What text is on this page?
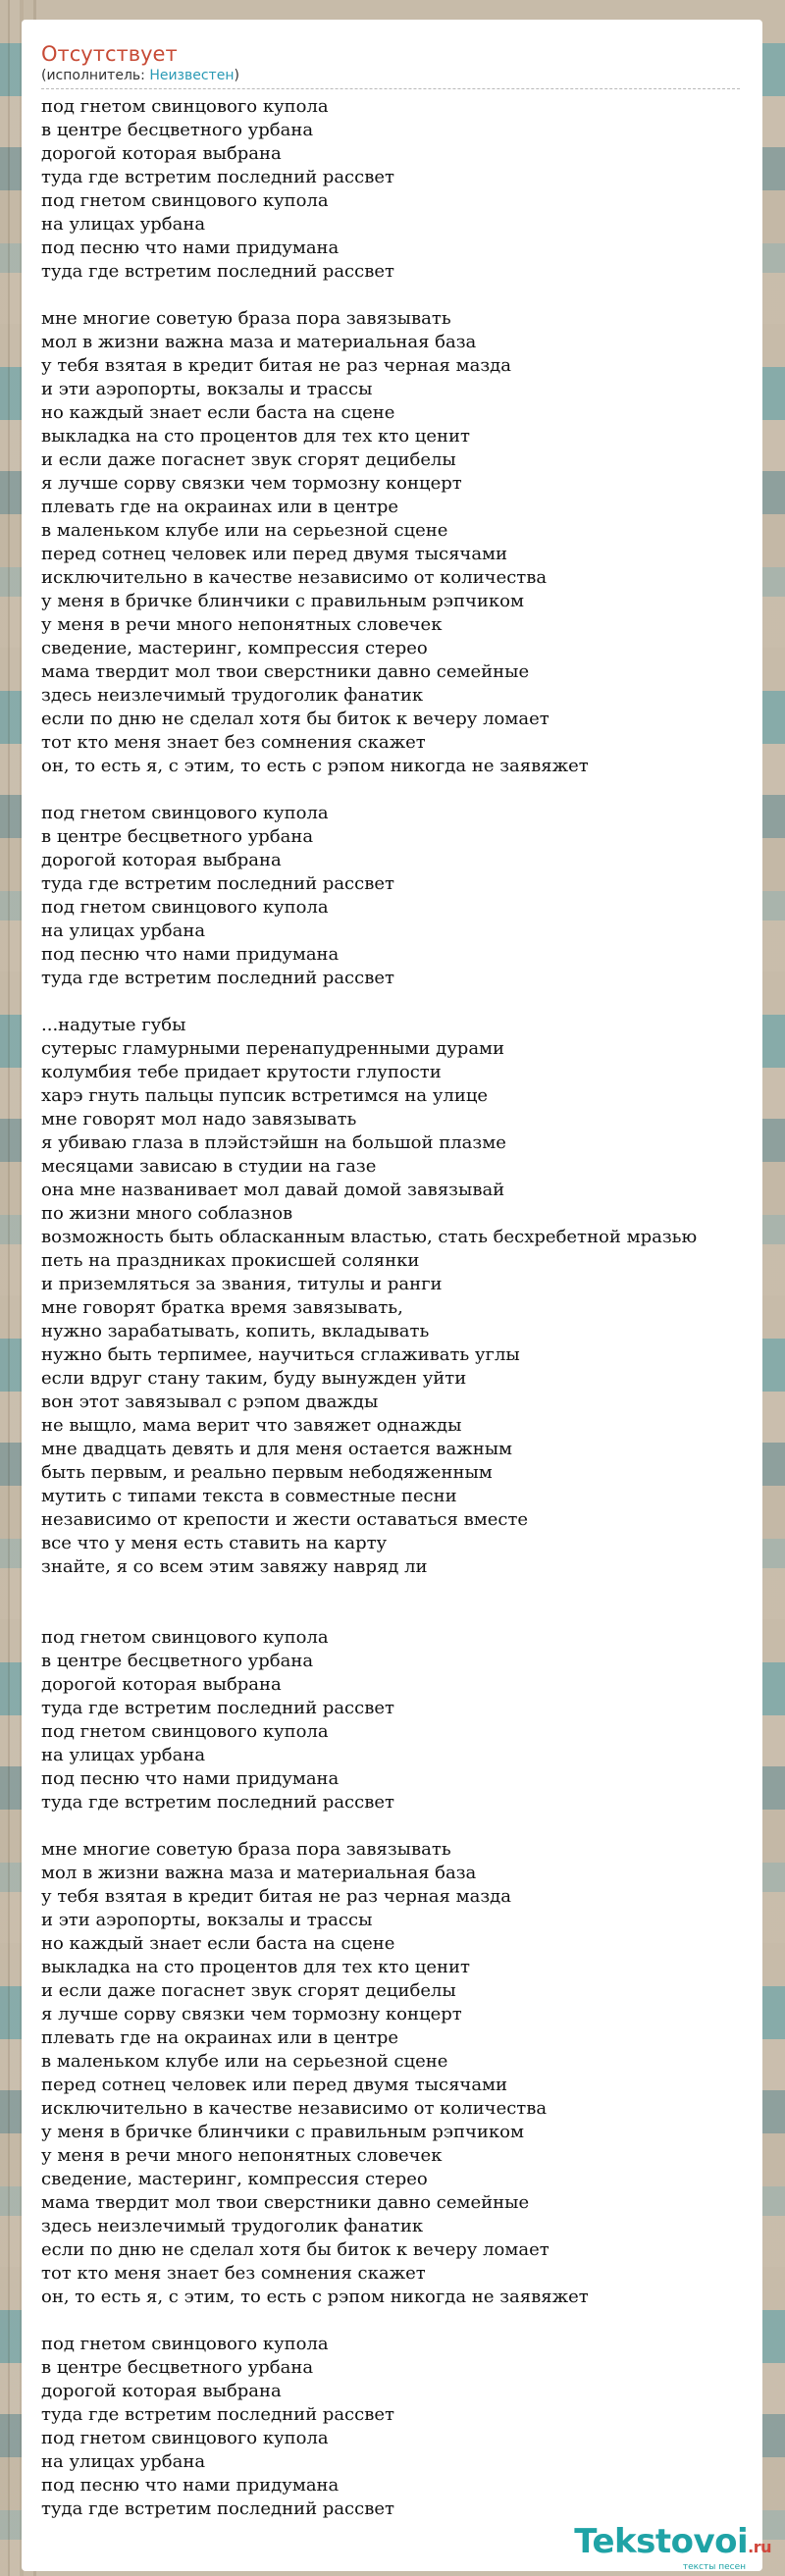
Отсутствует
(исполнитель: Неизвестен)
под гнетом свинцового купола
в центре бесцветного урбана
дорогой которая выбрана
туда где встретим последний рассвет
под гнетом свинцового купола
на улицах урбана
под песню что нами придумана
туда где встретим последний рассвет
мне многие советую браза пора завязывать
мол в жизни важна маза и материальная база
у тебя взятая в кредит битая не раз черная мазда
и эти аэропорты, вокзалы и трассы
но каждый знает если баста на сцене
выкладка на сто процентов для тех кто ценит
и если даже погаснет звук сгорят децибелы
я лучше сорву связки чем тормозну концерт
плевать где на окраинах или в центре
в маленьком клубе или на серьезной сцене
перед сотнец человек или перед двумя тысячами
исключительно в качестве независимо от количества
у меня в бричке блинчики с правильным рэпчиком
у меня в речи много непонятных словечек
сведение, мастеринг, компрессия стерео
мама твердит мол твои сверстники давно семейные
здесь неизлечимый трудоголик фанатик
если по дню не сделал хотя бы биток к вечеру ломает
тот кто меня знает без сомнения скажет
он, то есть я, с этим, то есть с рэпом никогда не заявяжет
под гнетом свинцового купола
в центре бесцветного урбана
дорогой которая выбрана
туда где встретим последний рассвет
под гнетом свинцового купола
на улицах урбана
под песню что нами придумана
туда где встретим последний рассвет
...надутые губы
сутерыс гламурными перенапудренными дурами
колумбия тебе придает крутости глупости
харэ гнуть пальцы пупсик встретимся на улице
мне говорят мол надо завязывать
я убиваю глаза в плэйстэйшн на большой плазме
месяцами зависаю в студии на газе
она мне названивает мол давай домой завязывай
по жизни много соблазнов
возможность быть обласканным властью, стать бесхребетной мразью
петь на праздниках прокисшей солянки
и приземляться за звания, титулы и ранги
мне говорят братка время завязывать,
нужно зарабатывать, копить, вкладывать
нужно быть терпимее, научиться сглаживать углы
если вдруг стану таким, буду вынужден уйти
вон этот завязывал с рэпом дважды
не выщло, мама верит что завяжет однажды
мне двадцать девять и для меня остается важным
быть первым, и реально первым небодяженным
мутить с типами текста в совместные песни
независимо от крепости и жести оставаться вместе
все что у меня есть ставить на карту
знайте, я со всем этим завяжу навряд ли
под гнетом свинцового купола
в центре бесцветного урбана
дорогой которая выбрана
туда где встретим последний рассвет
под гнетом свинцового купола
на улицах урбана
под песню что нами придумана
туда где встретим последний рассвет
мне многие советую браза пора завязывать
мол в жизни важна маза и материальная база
у тебя взятая в кредит битая не раз черная мазда
и эти аэропорты, вокзалы и трассы
но каждый знает если баста на сцене
выкладка на сто процентов для тех кто ценит
и если даже погаснет звук сгорят децибелы
я лучше сорву связки чем тормозну концерт
плевать где на окраинах или в центре
в маленьком клубе или на серьезной сцене
перед сотнец человек или перед двумя тысячами
исключительно в качестве независимо от количества
у меня в бричке блинчики с правильным рэпчиком
у меня в речи много непонятных словечек
сведение, мастеринг, компрессия стерео
мама твердит мол твои сверстники давно семейные
здесь неизлечимый трудоголик фанатик
если по дню не сделал хотя бы биток к вечеру ломает
тот кто меня знает без сомнения скажет
он, то есть я, с этим, то есть с рэпом никогда не заявяжет
под гнетом свинцового купола
в центре бесцветного урбана
дорогой которая выбрана
туда где встретим последний рассвет
под гнетом свинцового купола
на улицах урбана
под песню что нами придумана
туда где встретим последний рассвет
Tekstovoi.ru
тексты песен
